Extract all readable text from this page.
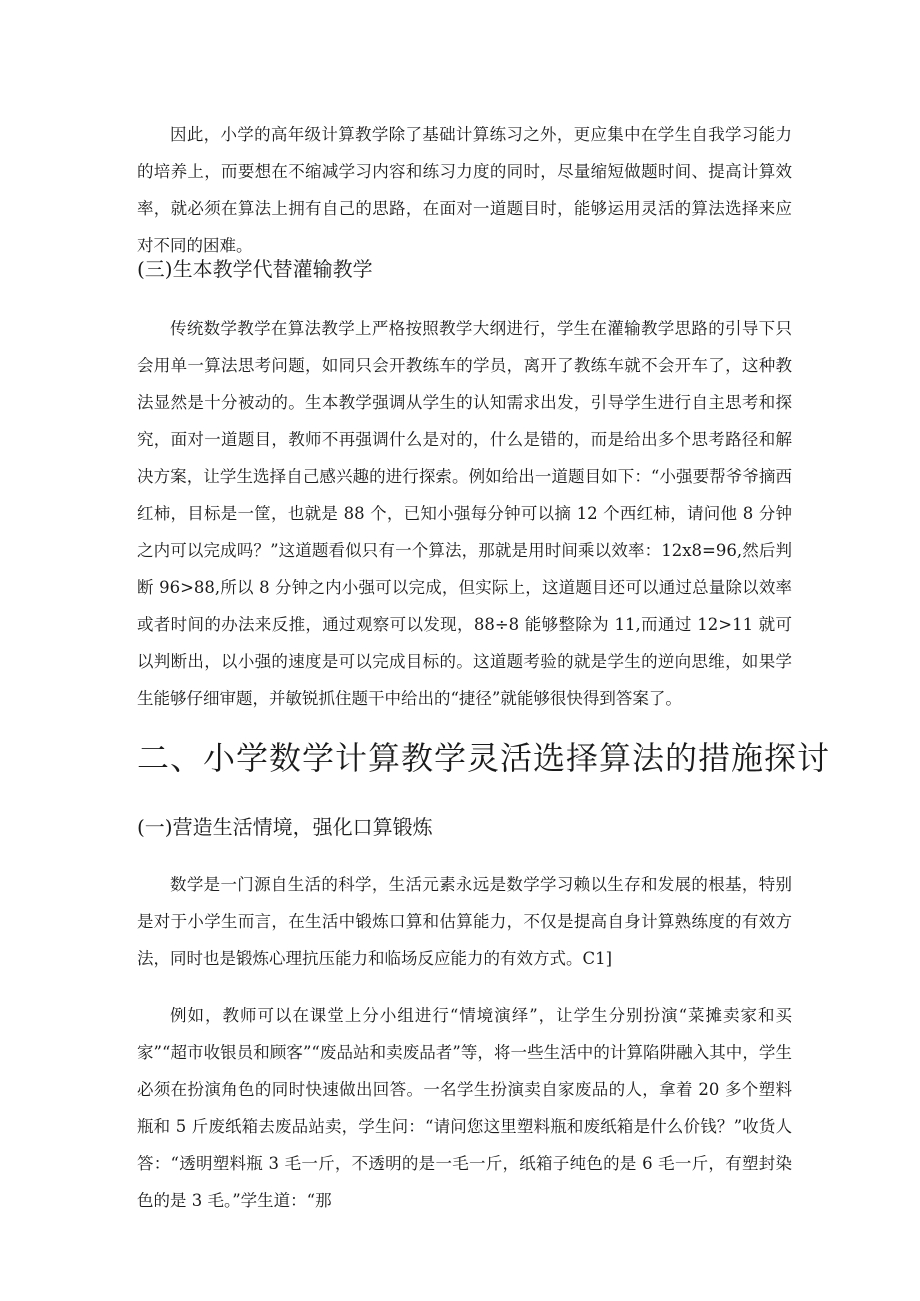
因此，小学的高年级计算教学除了基础计算练习之外，更应集中在学生自我学习能力的培养上，而要想在不缩减学习内容和练习力度的同时，尽量缩短做题时间、提高计算效率，就必须在算法上拥有自己的思路，在面对一道题目时，能够运用灵活的算法选择来应对不同的困难。

(三)生本教学代替灌输教学

传统数学教学在算法教学上严格按照教学大纲进行，学生在灌输教学思路的引导下只会用单一算法思考问题，如同只会开教练车的学员，离开了教练车就不会开车了，这种教法显然是十分被动的。生本教学强调从学生的认知需求出发，引导学生进行自主思考和探究，面对一道题目，教师不再强调什么是对的，什么是错的，而是给出多个思考路径和解决方案，让学生选择自己感兴趣的进行探索。例如给出一道题目如下：“小强要帮爷爷摘西红柿，目标是一筐，也就是 88 个，已知小强每分钟可以摘 12 个西红柿，请问他 8 分钟之内可以完成吗？”这道题看似只有一个算法，那就是用时间乘以效率：12x8=96,然后判断 96>88,所以 8 分钟之内小强可以完成，但实际上，这道题目还可以通过总量除以效率或者时间的办法来反推，通过观察可以发现，88÷8 能够整除为 11,而通过 12>11 就可以判断出，以小强的速度是可以完成目标的。这道题考验的就是学生的逆向思维，如果学生能够仔细审题，并敏锐抓住题干中给出的“捷径”就能够很快得到答案了。

二、小学数学计算教学灵活选择算法的措施探讨
(一)营造生活情境，强化口算锻炼

数学是一门源自生活的科学，生活元素永远是数学学习赖以生存和发展的根基，特别是对于小学生而言，在生活中锻炼口算和估算能力，不仅是提高自身计算熟练度的有效方法，同时也是锻炼心理抗压能力和临场反应能力的有效方式。C1]

例如，教师可以在课堂上分小组进行“情境演绎”，让学生分别扮演“菜摊卖家和买家”“超市收银员和顾客”“废品站和卖废品者”等，将一些生活中的计算陷阱融入其中，学生必须在扮演角色的同时快速做出回答。一名学生扮演卖自家废品的人，拿着 20 多个塑料瓶和 5 斤废纸箱去废品站卖，学生问：“请问您这里塑料瓶和废纸箱是什么价钱？”收货人答：“透明塑料瓶 3 毛一斤，不透明的是一毛一斤，纸箱子纯色的是 6 毛一斤，有塑封染色的是 3 毛。”学生道：“那
